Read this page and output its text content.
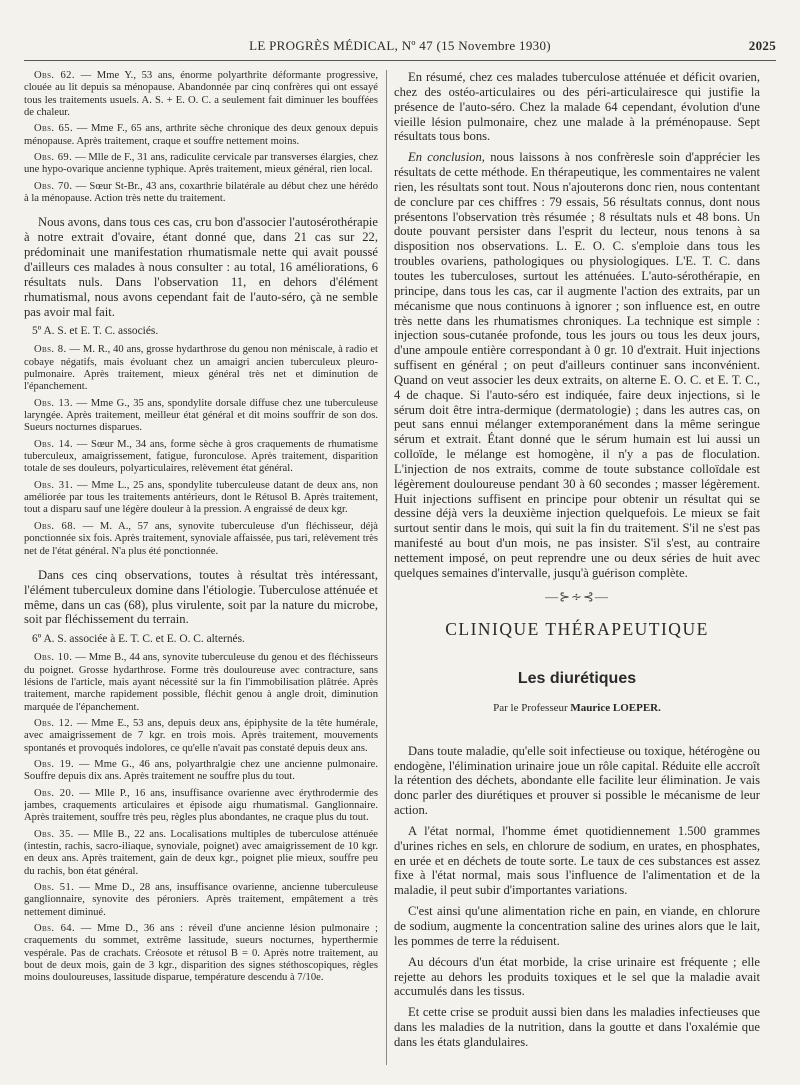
LE PROGRÈS MÉDICAL, Nº 47 (15 Novembre 1930)	2025

Obs. 62. — Mme Y., 53 ans, énorme polyarthrite déformante progressive, clouée au lit depuis sa ménopause. Abandonnée par cinq confrères qui ont essayé tous les traitements usuels. A. S. + E. O. C. a seulement fait diminuer les bouffées de chaleur.

Obs. 65. — Mme F., 65 ans, arthrite sèche chronique des deux genoux depuis ménopause. Après traitement, craque et souffre nettement moins.

Obs. 69. — Mlle de F., 31 ans, radiculite cervicale par transverses élargies, chez une hypo-ovarique ancienne typhique. Après traitement, mieux général, rien local.

Obs. 70. — Sœur St-Br., 43 ans, coxarthrie bilatérale au début chez une hérédo à la ménopause. Action très nette du traitement.

Nous avons, dans tous ces cas, cru bon d'associer l'autosérothérapie à notre extrait d'ovaire, étant donné que, dans 21 cas sur 22, prédominait une manifestation rhumatismale nette qui avait poussé d'ailleurs ces malades à nous consulter : au total, 16 améliorations, 6 résultats nuls. Dans l'observation 11, en dehors d'élément rhumatismal, nous avons cependant fait de l'auto-séro, çà ne semble pas avoir mal fait.

5º A. S. et E. T. C. associés.

Obs. 8. — M. R., 40 ans, grosse hydarthrose du genou non méniscale, à radio et cobaye négatifs, mais évoluant chez un amaigri ancien tuberculeux pleuro-pulmonaire. Après traitement, mieux général très net et diminution de l'épanchement.

Obs. 13. — Mme G., 35 ans, spondylite dorsale diffuse chez une tuberculeuse laryngée. Après traitement, meilleur état général et dit moins souffrir de son dos. Sueurs nocturnes disparues.

Obs. 14. — Sœur M., 34 ans, forme sèche à gros craquements de rhumatisme tuberculeux, amaigrissement, fatigue, furonculose. Après traitement, disparition totale de ses douleurs, polyarticulaires, relèvement état général.

Obs. 31. — Mme L., 25 ans, spondylite tuberculeuse datant de deux ans, non améliorée par tous les traitements antérieurs, dont le Rétusol B. Après traitement, tout a disparu sauf une légère douleur à la pression. A engraissé de deux kgr.

Obs. 68. — M. A., 57 ans, synovite tuberculeuse d'un fléchisseur, déjà ponctionnée six fois. Après traitement, synoviale affaissée, pus tari, relèvement très net de l'état général. N'a plus été ponctionnée.

Dans ces cinq observations, toutes à résultat très intéressant, l'élément tuberculeux domine dans l'étiologie. Tuberculose atténuée et même, dans un cas (68), plus virulente, soit par la nature du microbe, soit par fléchissement du terrain.

6º A. S. associée à E. T. C. et E. O. C. alternés.

Obs. 10. — Mme B., 44 ans, synovite tuberculeuse du genou et des fléchisseurs du poignet. Grosse hydarthrose. Forme très douloureuse avec contracture, sans lésions de l'article, mais ayant nécessité sur la fin l'immobilisation plâtrée. Après traitement, marche rapidement possible, fléchit genou à angle droit, diminution marquée de l'épanchement.

Obs. 12. — Mme E., 53 ans, depuis deux ans, épiphysite de la tête humérale, avec amaigrissement de 7 kgr. en trois mois. Après traitement, mouvements spontanés et provoqués indolores, ce qu'elle n'avait pas constaté depuis deux ans.

Obs. 19. — Mme G., 46 ans, polyarthralgie chez une ancienne pulmonaire. Souffre depuis dix ans. Après traitement ne souffre plus du tout.

Obs. 20. — Mlle P., 16 ans, insuffisance ovarienne avec érythrodermie des jambes, craquements articulaires et épisode aigu rhumatismal. Ganglionnaire. Après traitement, souffre très peu, règles plus abondantes, ne craque plus du tout.

Obs. 35. — Mlle B., 22 ans. Localisations multiples de tuberculose atténuée (intestin, rachis, sacro-iliaque, synoviale, poignet) avec amaigrissement de 10 kgr. en deux ans. Après traitement, gain de deux kgr., poignet plie mieux, souffre peu du rachis, bon état général.

Obs. 51. — Mme D., 28 ans, insuffisance ovarienne, ancienne tuberculeuse ganglionnaire, synovite des péroniers. Après traitement, empâtement a très nettement diminué.

Obs. 64. — Mme D., 36 ans : réveil d'une ancienne lésion pulmonaire ; craquements du sommet, extrême lassitude, sueurs nocturnes, hyperthermie vespérale. Pas de crachats. Créosote et rétusol B = 0. Après notre traitement, au bout de deux mois, gain de 3 kgr., disparition des signes stéthoscopiques, règles moins douloureuses, lassitude disparue, température descendu à 7/10e.

En résumé, chez ces malades tuberculose atténuée et déficit ovarien, chez des ostéo-articulaires ou des péri-articulairesce qui justifie la présence de l'auto-séro. Chez la malade 64 cependant, évolution d'une vieille lésion pulmonaire, chez une malade à la préménopause. Sept résultats tous bons.

En conclusion, nous laissons à nos confrèresle soin d'apprécier les résultats de cette méthode. En thérapeutique, les commentaires ne valent rien, les résultats sont tout. Nous n'ajouterons donc rien, nous contentant de conclure par ces chiffres : 79 essais, 56 résultats connus, dont nous présentons l'observation très résumée ; 8 résultats nuls et 48 bons. Un doute pouvant persister dans l'esprit du lecteur, nous tenons à sa disposition nos observations. L. E. O. C. s'emploie dans tous les troubles ovariens, pathologiques ou physiologiques. L'E. T. C. dans toutes les tuberculoses, surtout les atténuées. L'auto-sérothérapie, en principe, dans tous les cas, car il augmente l'action des extraits, par un mécanisme que nous continuons à ignorer ; son influence est, en outre très nette dans les rhumatismes chroniques. La technique est simple : injection sous-cutanée profonde, tous les jours ou tous les deux jours, d'une ampoule entière correspondant à 0 gr. 10 d'extrait. Huit injections suffisent en général ; on peut d'ailleurs continuer sans inconvénient. Quand on veut associer les deux extraits, on alterne E. O. C. et E. T. C., 4 de chaque. Si l'auto-séro est indiquée, faire deux injections, si le sérum doit être intra-dermique (dermatologie) ; dans les autres cas, on peut sans ennui mélanger extemporanément dans la même seringue sérum et extrait. Étant donné que le sérum humain est lui aussi un colloïde, le mélange est homogène, il n'y a pas de floculation. L'injection de nos extraits, comme de toute substance colloïdale est légèrement douloureuse pendant 30 à 60 secondes ; masser légèrement. Huit injections suffisent en principe pour obtenir un résultat qui se dessine déjà vers la deuxième injection quelquefois. Le mieux se fait surtout sentir dans le mois, qui suit la fin du traitement. S'il ne s'est pas manifesté au bout d'un mois, ne pas insister. S'il s'est, au contraire nettement imposé, on peut reprendre une ou deux séries de huit avec quelques semaines d'intervalle, jusqu'à guérison complète.

—⊱∻⊰—
CLINIQUE THÉRAPEUTIQUE
Les diurétiques
Par le Professeur Maurice LOEPER.

Dans toute maladie, qu'elle soit infectieuse ou toxique, hétérogène ou endogène, l'élimination urinaire joue un rôle capital. Réduite elle accroît la rétention des déchets, abondante elle facilite leur élimination. Je vais donc parler des diurétiques et prouver si possible le mécanisme de leur action.

A l'état normal, l'homme émet quotidiennement 1.500 grammes d'urines riches en sels, en chlorure de sodium, en urates, en phosphates, en urée et en déchets de toute sorte. Le taux de ces substances est assez fixe à l'état normal, mais sous l'influence de l'alimentation et de la maladie, il peut subir d'importantes variations.

C'est ainsi qu'une alimentation riche en pain, en viande, en chlorure de sodium, augmente la concentration saline des urines alors que le lait, les pommes de terre la réduisent.

Au décours d'un état morbide, la crise urinaire est fréquente ; elle rejette au dehors les produits toxiques et le sel que la maladie avait accumulés dans les tissus.

Et cette crise se produit aussi bien dans les maladies infectieuses que dans les maladies de la nutrition, dans la goutte et dans l'oxalémie que dans les états glandulaires.
